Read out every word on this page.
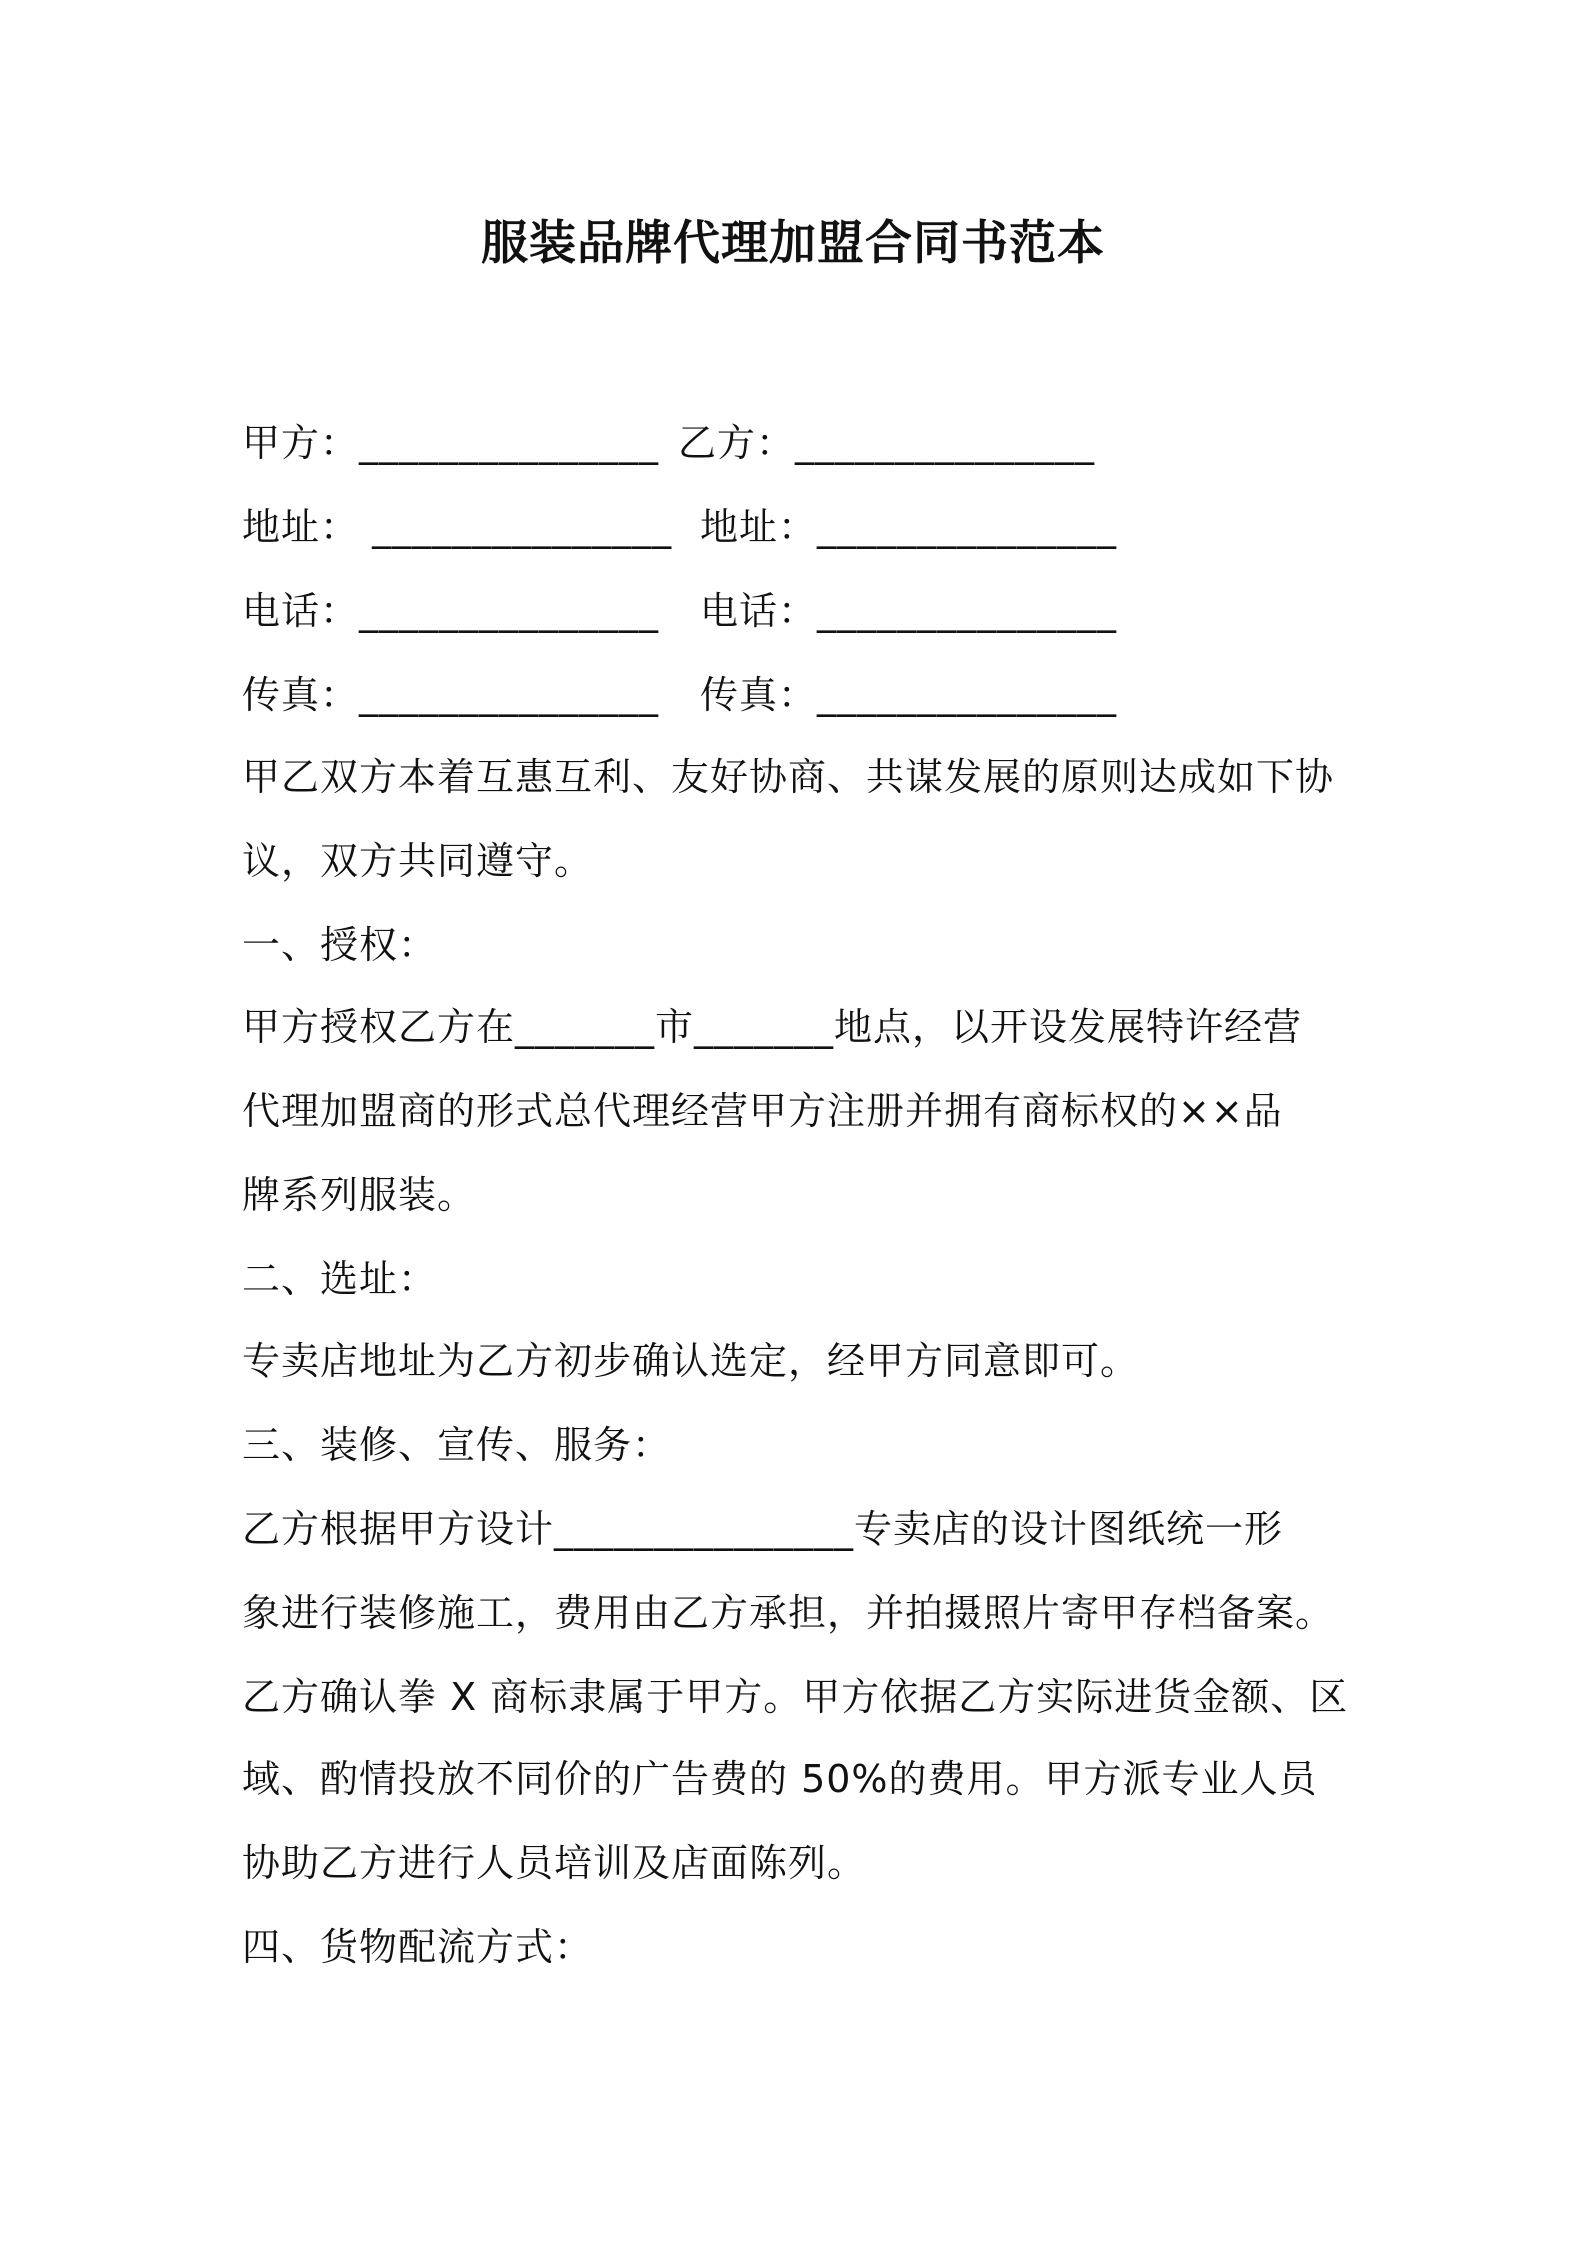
服装品牌代理加盟合同书范本
甲方：_______________ 乙方：_______________
地址： _______________ 地址：_______________
电话：_______________ 电话：_______________
传真：_______________ 传真：_______________
甲乙双方本着互惠互利、友好协商、共谋发展的原则达成如下协
议，双方共同遵守。
一、授权：
甲方授权乙方在_______市_______地点，以开设发展特许经营
代理加盟商的形式总代理经营甲方注册并拥有商标权的××品
牌系列服装。
二、选址：
专卖店地址为乙方初步确认选定，经甲方同意即可。
三、装修、宣传、服务：
乙方根据甲方设计_______________专卖店的设计图纸统一形
象进行装修施工，费用由乙方承担，并拍摄照片寄甲存档备案。
乙方确认拳 X 商标隶属于甲方。甲方依据乙方实际进货金额、区
域、酌情投放不同价的广告费的 50%的费用。甲方派专业人员
协助乙方进行人员培训及店面陈列。
四、货物配流方式：
